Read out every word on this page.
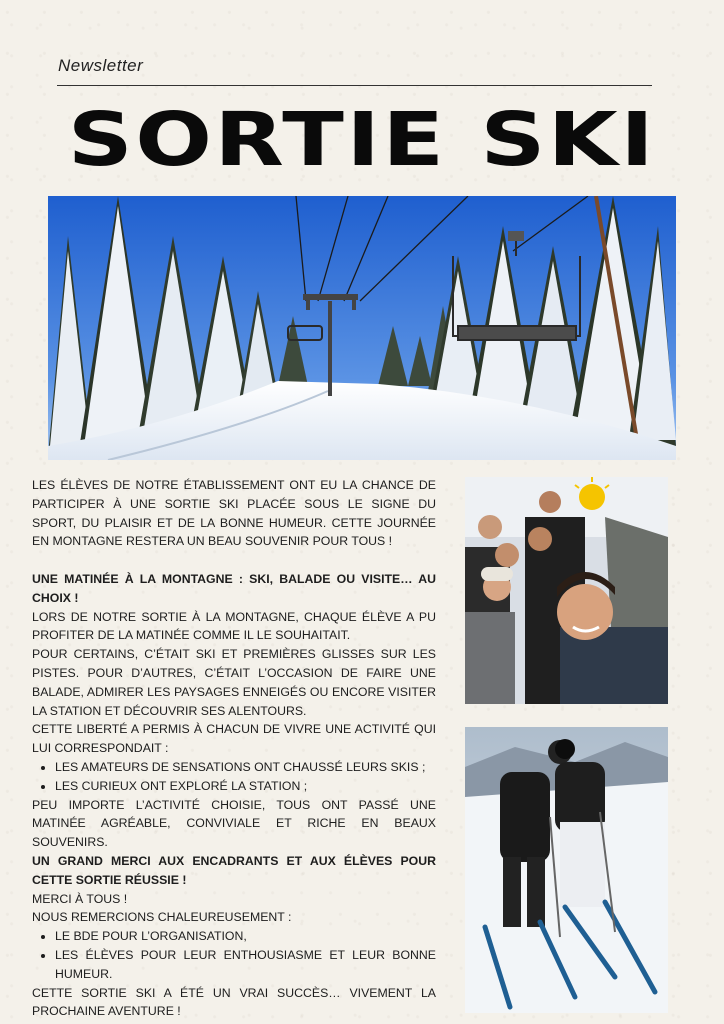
Newsletter
SORTIE SKI

LES ÉLÈVES DE NOTRE ÉTABLISSEMENT ONT EU LA CHANCE DE PARTICIPER À UNE SORTIE SKI PLACÉE SOUS LE SIGNE DU SPORT, DU PLAISIR ET DE LA BONNE HUMEUR. CETTE JOURNÉE EN MONTAGNE RESTERA UN BEAU SOUVENIR POUR TOUS !

UNE MATINÉE À LA MONTAGNE : SKI, BALADE OU VISITE… AU CHOIX !

LORS DE NOTRE SORTIE À LA MONTAGNE, CHAQUE ÉLÈVE A PU PROFITER DE LA MATINÉE COMME IL LE SOUHAITAIT.

POUR CERTAINS, C’ÉTAIT SKI ET PREMIÈRES GLISSES SUR LES PISTES. POUR D’AUTRES, C’ÉTAIT L’OCCASION DE FAIRE UNE BALADE, ADMIRER LES PAYSAGES ENNEIGÉS OU ENCORE VISITER LA STATION ET DÉCOUVRIR SES ALENTOURS.

CETTE LIBERTÉ A PERMIS À CHACUN DE VIVRE UNE ACTIVITÉ QUI LUI CORRESPONDAIT :

• LES AMATEURS DE SENSATIONS ONT CHAUSSÉ LEURS SKIS ;
• LES CURIEUX ONT EXPLORÉ LA STATION ;

PEU IMPORTE L’ACTIVITÉ CHOISIE, TOUS ONT PASSÉ UNE MATINÉE AGRÉABLE, CONVIVIALE ET RICHE EN BEAUX SOUVENIRS.

UN GRAND MERCI AUX ENCADRANTS ET AUX ÉLÈVES POUR CETTE SORTIE RÉUSSIE !

MERCI À TOUS !

NOUS REMERCIONS CHALEUREUSEMENT :

• LE BDE POUR L’ORGANISATION,
• LES ÉLÈVES POUR LEUR ENTHOUSIASME ET LEUR BONNE HUMEUR.

CETTE SORTIE SKI A ÉTÉ UN VRAI SUCCÈS… VIVEMENT LA PROCHAINE AVENTURE !
